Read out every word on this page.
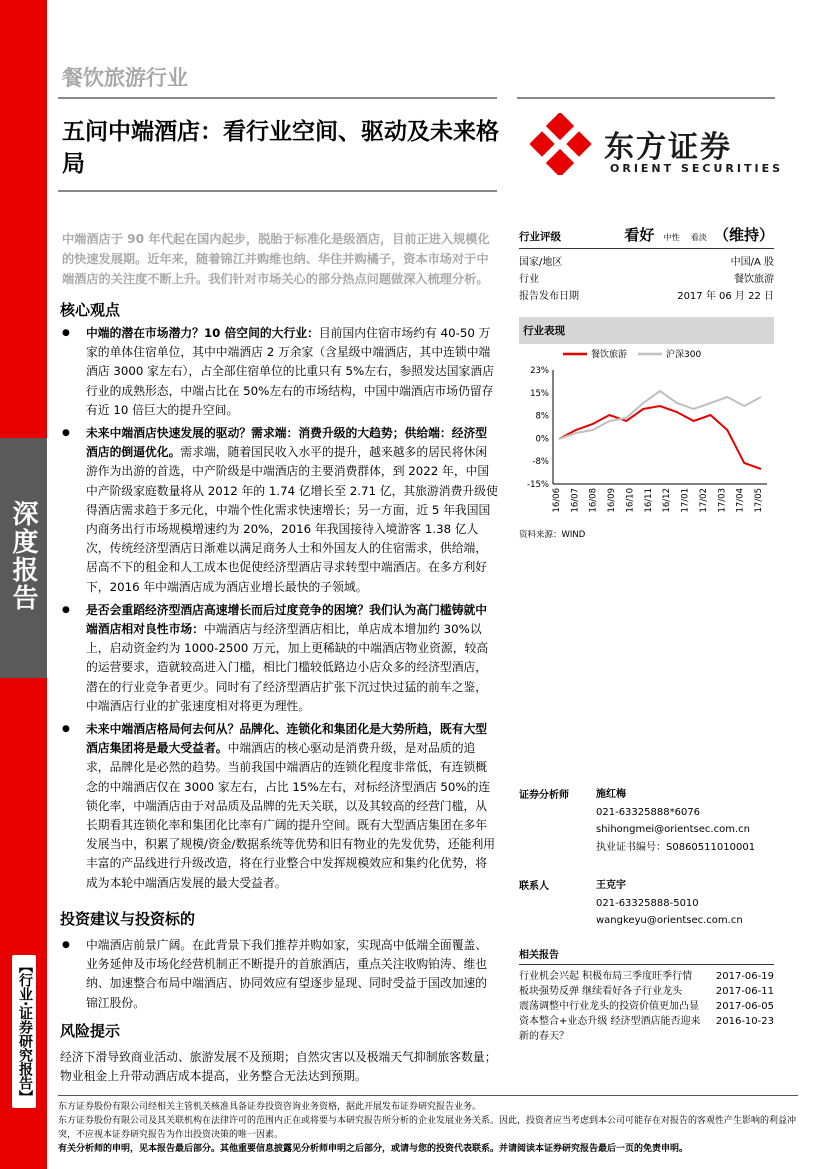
深度报告
【行业·证券研究报告】
餐饮旅游行业
五问中端酒店：看行业空间、驱动及未来格局	东方证券
ORIENT SECURITIES
中端酒店于 90 年代起在国内起步，脱胎于标准化是级酒店，目前正进入规模化的快速发展期。近年来，随着锦江并购维也纳、华住并购橘子，资本市场对于中端酒店的关注度不断上升。我们针对市场关心的部分热点问题做深入梳理分析。
核心观点
● 中端的潜在市场潜力？10 倍空间的大行业：目前国内住宿市场约有 40-50 万家的单体住宿单位，其中中端酒店 2 万余家（含星级中端酒店，其中连锁中端酒店 3000 家左右），占全部住宿单位的比重只有 5%左右，参照发达国家酒店行业的成熟形态，中端占比在 50%左右的市场结构，中国中端酒店市场仍留存有近 10 倍巨大的提升空间。
● 未来中端酒店快速发展的驱动？需求端：消费升级的大趋势；供给端：经济型酒店的倒逼优化。需求端，随着国民收入水平的提升，越来越多的居民将休闲游作为出游的首选，中产阶级是中端酒店的主要消费群体，到 2022 年，中国中产阶级家庭数量将从 2012 年的 1.74 亿增长至 2.71 亿，其旅游消费升级使得酒店需求趋于多元化，中端个性化需求快速增长；另一方面，近 5 年我国国内商务出行市场规模增速约为 20%，2016 年我国接待入境游客 1.38 亿人次，传统经济型酒店日渐难以满足商务人士和外国友人的住宿需求，供给端，居高不下的租金和人工成本也促使经济型酒店寻求转型中端酒店。在多方利好下，2016 年中端酒店成为酒店业增长最快的子领域。
● 是否会重蹈经济型酒店高速增长而后过度竞争的困境？我们认为高门槛铸就中端酒店相对良性市场：中端酒店与经济型酒店相比，单店成本增加约 30%以上，启动资金约为 1000-2500 万元，加上更稀缺的中端酒店物业资源，较高的运营要求，造就较高进入门槛，相比门槛较低路边小店众多的经济型酒店，潜在的行业竞争者更少。同时有了经济型酒店扩张下沉过快过猛的前车之鉴，中端酒店行业的扩张速度相对将更为理性。
● 未来中端酒店格局何去何从？品牌化、连锁化和集团化是大势所趋，既有大型酒店集团将是最大受益者。中端酒店的核心驱动是消费升级，是对品质的追求，品牌化是必然的趋势。当前我国中端酒店的连锁化程度非常低，有连锁概念的中端酒店仅在 3000 家左右，占比 15%左右，对标经济型酒店 50%的连锁化率，中端酒店由于对品质及品牌的先天关联，以及其较高的经营门槛，从长期看其连锁化率和集团化比率有广阔的提升空间。既有大型酒店集团在多年发展当中，积累了规模/资金/数据系统等优势和旧有物业的先发优势，还能利用丰富的产品线进行升级改造，将在行业整合中发挥规模效应和集约化优势，将成为本轮中端酒店发展的最大受益者。
投资建议与投资标的
● 中端酒店前景广阔。在此背景下我们推荐并购如家，实现高中低端全面覆盖、业务延伸及市场化经营机制正不断提升的首旅酒店，重点关注收购铂涛、维也纳、加速整合布局中端酒店、协同效应有望逐步显现、同时受益于国改加速的锦江股份。
风险提示
经济下滑导致商业活动、旅游发展不及预期；自然灾害以及极端天气抑制旅客数量；物业租金上升带动酒店成本提高，业务整合无法达到预期。
行业评级	看好 中性 看淡 （维持）
国家/地区	中国/A 股
行业	餐饮旅游
报告发布日期	2017 年 06 月 22 日
行业表现
餐饮旅游	沪深300
23%
15%
8%
0%
-8%
-15%
16/06 16/07 16/08 16/09 16/10 16/11 16/12 17/01 17/02 17/03 17/04 17/05
资料来源：WIND
证券分析师	施红梅
021-63325888*6076
shihongmei@orientsec.com.cn
执业证书编号：S0860511010001
联系人	王克宇
021-63325888-5010
wangkeyu@orientsec.com.cn
相关报告
行业机会兴起 积极布局三季度旺季行情	2017-06-19
板块强势反弹 继续看好各子行业龙头	2017-06-11
震荡调整中行业龙头的投资价值更加凸显	2017-06-05
资本整合+业态升级 经济型酒店能否迎来新的春天？
2016-10-23
东方证券股份有限公司经相关主管机关核准具备证券投资咨询业务资格，据此开展发布证券研究报告业务。
东方证券股份有限公司及其关联机构在法律许可的范围内正在或将要与本研究报告所分析的企业发展业务关系。因此，投资者应当考虑到本公司可能存在对报告的客观性产生影响的利益冲突，不应视本证券研究报告为作出投资决策的唯一因素。
有关分析师的申明，见本报告最后部分。其他重要信息披露见分析师申明之后部分，或请与您的投资代表联系。并请阅读本证券研究报告最后一页的免责申明。
